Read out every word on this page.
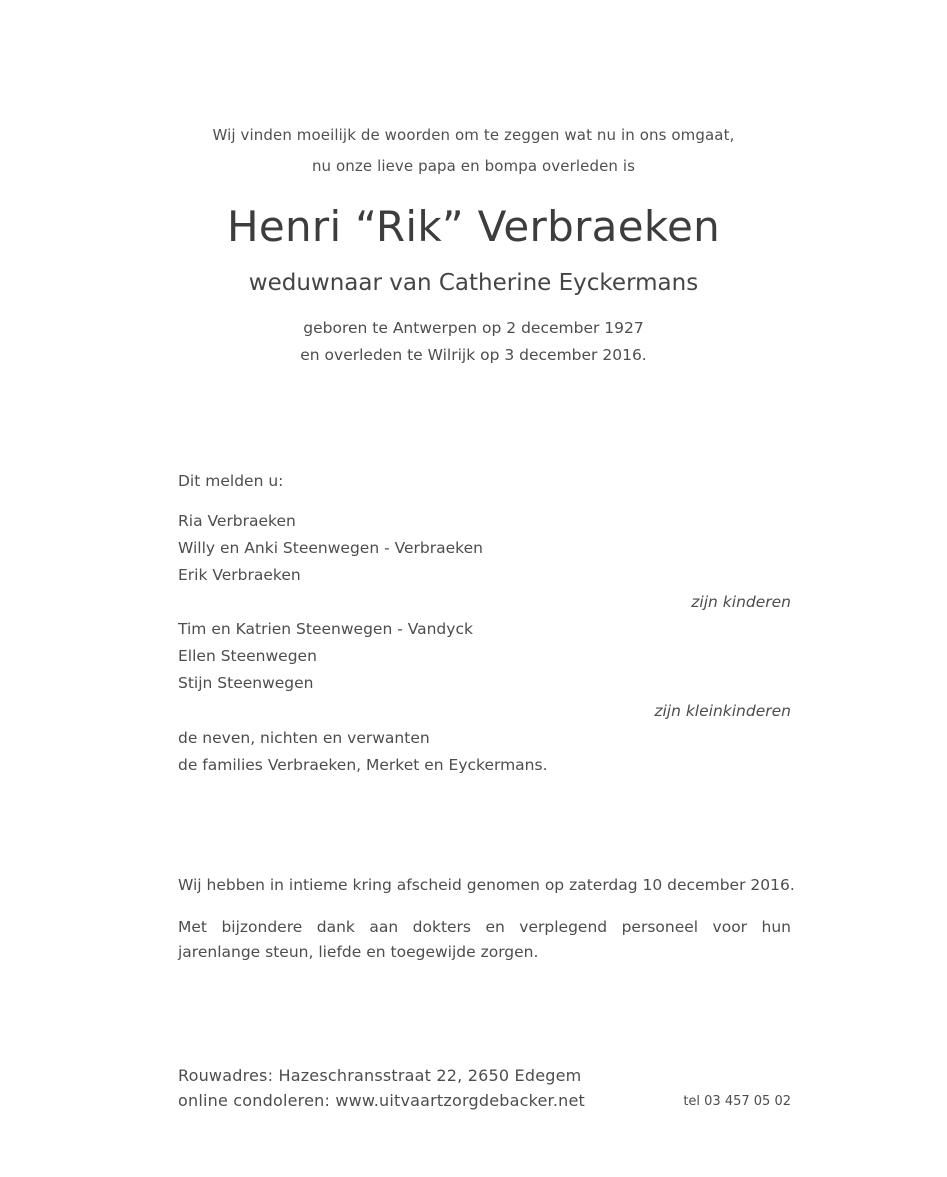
Wij vinden moeilijk de woorden om te zeggen wat nu in ons omgaat,
nu onze lieve papa en bompa overleden is
Henri “Rik” Verbraeken
weduwnaar van Catherine Eyckermans
geboren te Antwerpen op 2 december 1927
en overleden te Wilrijk op 3 december 2016.
Dit melden u:
Ria Verbraeken
Willy en Anki Steenwegen - Verbraeken
Erik Verbraeken
zijn kinderen
Tim en Katrien Steenwegen - Vandyck
Ellen Steenwegen
Stijn Steenwegen
zijn kleinkinderen
de neven, nichten en verwanten
de families Verbraeken, Merket en Eyckermans.
Wij hebben in intieme kring afscheid genomen op zaterdag 10 december 2016.
Met bijzondere dank aan dokters en verplegend personeel voor hun
jarenlange steun, liefde en toegewijde zorgen.
Rouwadres: Hazeschransstraat 22, 2650 Edegem
online condoleren: www.uitvaartzorgdebacker.net	tel 03 457 05 02
